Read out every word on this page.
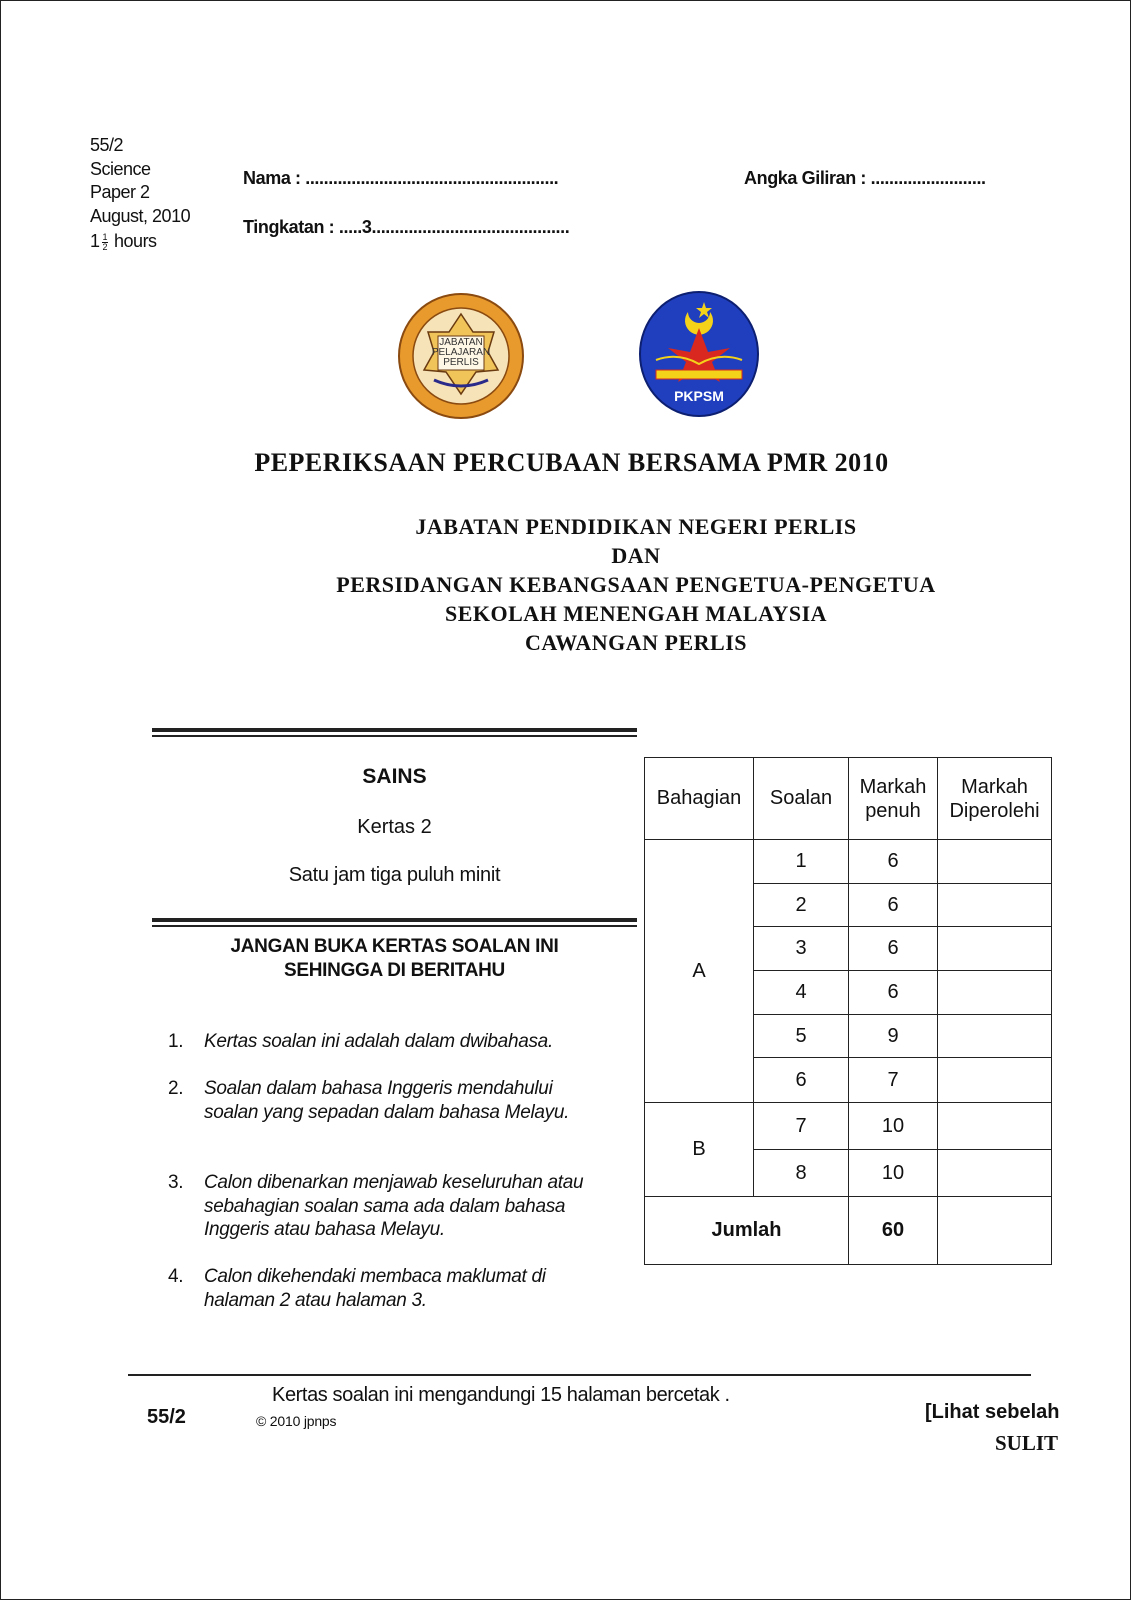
55/2
Science
Paper 2
August, 2010
$1 \frac{1}{2}$ hours
Nama : .......................................................	Angka Giliran : .........................
Tingkatan : .....3...........................................
JABATAN
PELAJARAN
PERLIS
PKPSM
PEPERIKSAAN PERCUBAAN BERSAMA PMR 2010
JABATAN PENDIDIKAN NEGERI PERLIS
DAN
PERSIDANGAN KEBANGSAAN PENGETUA-PENGETUA
SEKOLAH MENENGAH MALAYSIA
CAWANGAN PERLIS
SAINS
Kertas 2
Satu jam tiga puluh minit
JANGAN BUKA KERTAS SOALAN INI
SEHINGGA DI BERITAHU
1. Kertas soalan ini adalah dalam dwibahasa.
2. Soalan dalam bahasa Inggeris mendahului soalan yang sepadan dalam bahasa Melayu.
3. Calon dibenarkan menjawab keseluruhan atau sebahagian soalan sama ada dalam bahasa Inggeris atau bahasa Melayu.
4. Calon dikehendaki membaca maklumat di halaman 2 atau halaman 3.
Bahagian	Soalan	Markah penuh	Markah Diperolehi
A	1	6	
	2	6	
	3	6	
	4	6	
	5	9	
	6	7	
B	7	10	
	8	10	
Jumlah		60	
Kertas soalan ini mengandungi 15 halaman bercetak .
55/2	© 2010 jpnps	[Lihat sebelah
SULIT
